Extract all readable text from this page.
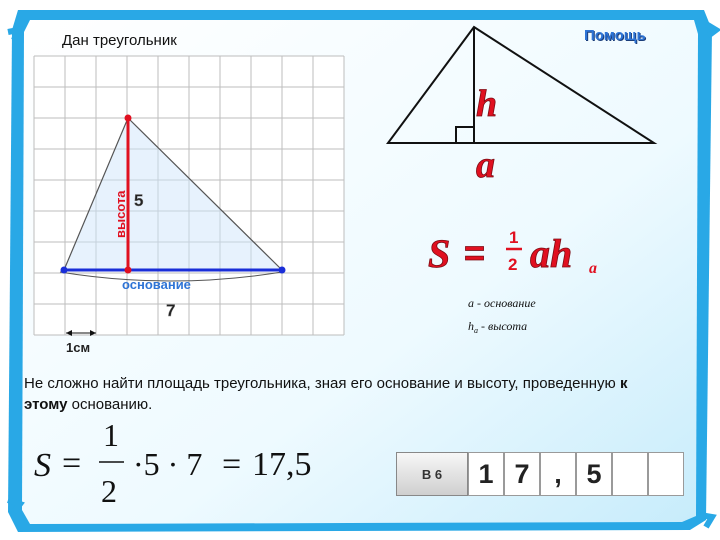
Дан треугольник	Помощь
высота 5
основание
7
1см
h
a
S = 1
2 ah a
a - основание
$h_a$ - высота
Не сложно найти площадь треугольника, зная его основание и высоту, проведенную к этому основанию.
S =
1
2
·5 · 7 = 17,5	В 6	1 7 , 5
